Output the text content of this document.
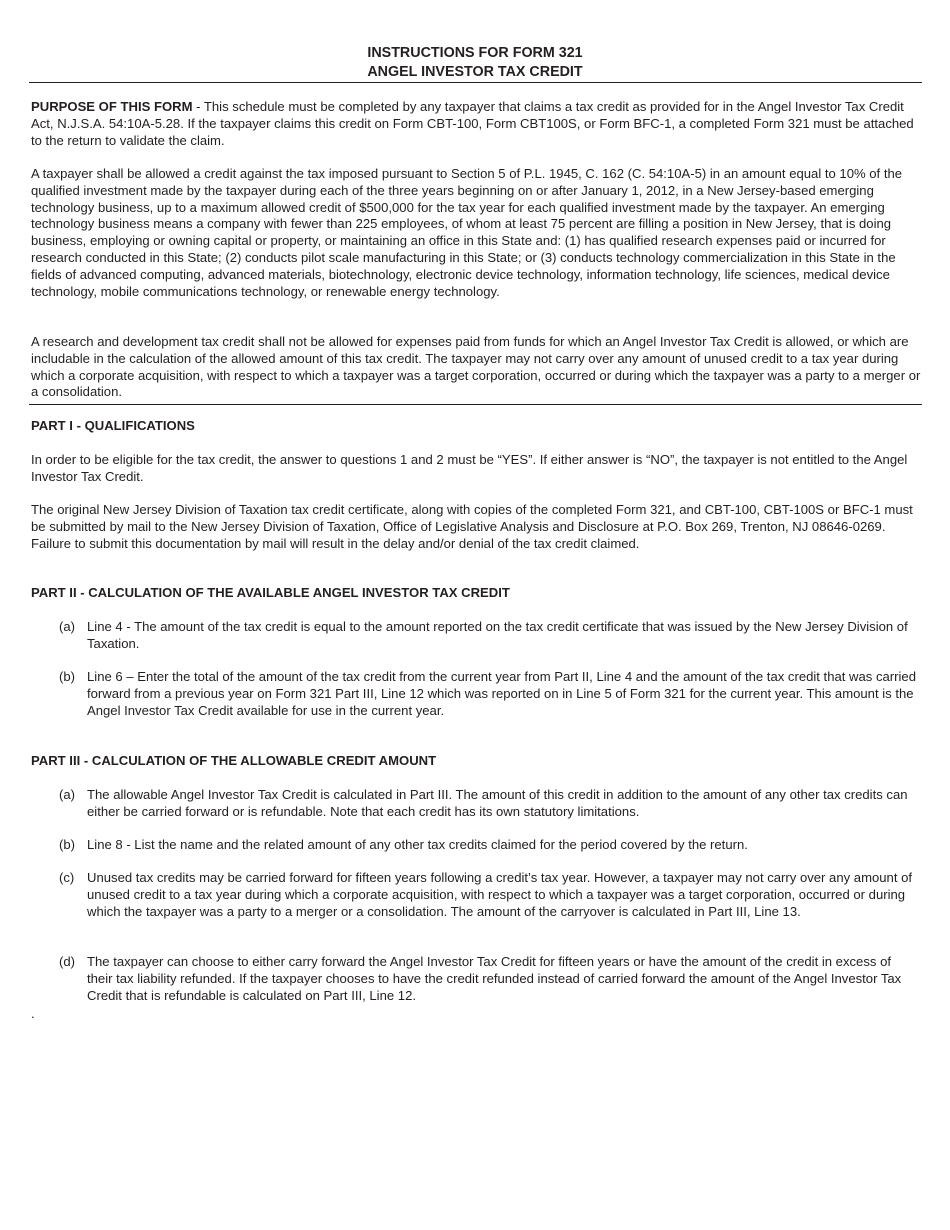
INSTRUCTIONS FOR FORM 321
ANGEL INVESTOR TAX CREDIT

PURPOSE OF THIS FORM - This schedule must be completed by any taxpayer that claims a tax credit as provided for in the Angel Investor Tax Credit Act, N.J.S.A. 54:10A-5.28. If the taxpayer claims this credit on Form CBT-100, Form CBT100S, or Form BFC-1, a completed Form 321 must be attached to the return to validate the claim.

A taxpayer shall be allowed a credit against the tax imposed pursuant to Section 5 of P.L. 1945, C. 162 (C. 54:10A-5) in an amount equal to 10% of the qualified investment made by the taxpayer during each of the three years beginning on or after January 1, 2012, in a New Jersey-based emerging technology business, up to a maximum allowed credit of $500,000 for the tax year for each qualified investment made by the taxpayer. An emerging technology business means a company with fewer than 225 employees, of whom at least 75 percent are filling a position in New Jersey, that is doing business, employing or owning capital or property, or maintaining an office in this State and: (1) has qualified research expenses paid or incurred for research conducted in this State; (2) conducts pilot scale manufacturing in this State; or (3) conducts technology commercialization in this State in the fields of advanced computing, advanced materials, biotechnology, electronic device technology, information technology, life sciences, medical device technology, mobile communications technology, or renewable energy technology.

A research and development tax credit shall not be allowed for expenses paid from funds for which an Angel Investor Tax Credit is allowed, or which are includable in the calculation of the allowed amount of this tax credit. The taxpayer may not carry over any amount of unused credit to a tax year during which a corporate acquisition, with respect to which a taxpayer was a target corporation, occurred or during which the taxpayer was a party to a merger or a consolidation.

PART I - QUALIFICATIONS

In order to be eligible for the tax credit, the answer to questions 1 and 2 must be “YES”. If either answer is “NO”, the taxpayer is not entitled to the Angel Investor Tax Credit.

The original New Jersey Division of Taxation tax credit certificate, along with copies of the completed Form 321, and CBT-100, CBT-100S or BFC-1 must be submitted by mail to the New Jersey Division of Taxation, Office of Legislative Analysis and Disclosure at P.O. Box 269, Trenton, NJ 08646-0269. Failure to submit this documentation by mail will result in the delay and/or denial of the tax credit claimed.

PART II - CALCULATION OF THE AVAILABLE ANGEL INVESTOR TAX CREDIT

(a) Line 4 - The amount of the tax credit is equal to the amount reported on the tax credit certificate that was issued by the New Jersey Division of Taxation.
(b) Line 6 – Enter the total of the amount of the tax credit from the current year from Part II, Line 4 and the amount of the tax credit that was carried forward from a previous year on Form 321 Part III, Line 12 which was reported on in Line 5 of Form 321 for the current year. This amount is the Angel Investor Tax Credit available for use in the current year.

PART III - CALCULATION OF THE ALLOWABLE CREDIT AMOUNT

(a) The allowable Angel Investor Tax Credit is calculated in Part III. The amount of this credit in addition to the amount of any other tax credits can either be carried forward or is refundable. Note that each credit has its own statutory limitations.
(b) Line 8 - List the name and the related amount of any other tax credits claimed for the period covered by the return.
(c) Unused tax credits may be carried forward for fifteen years following a credit’s tax year. However, a taxpayer may not carry over any amount of unused credit to a tax year during which a corporate acquisition, with respect to which a taxpayer was a target corporation, occurred or during which the taxpayer was a party to a merger or a consolidation. The amount of the carryover is calculated in Part III, Line 13.
(d) The taxpayer can choose to either carry forward the Angel Investor Tax Credit for fifteen years or have the amount of the credit in excess of their tax liability refunded. If the taxpayer chooses to have the credit refunded instead of carried forward the amount of the Angel Investor Tax Credit that is refundable is calculated on Part III, Line 12.
.
